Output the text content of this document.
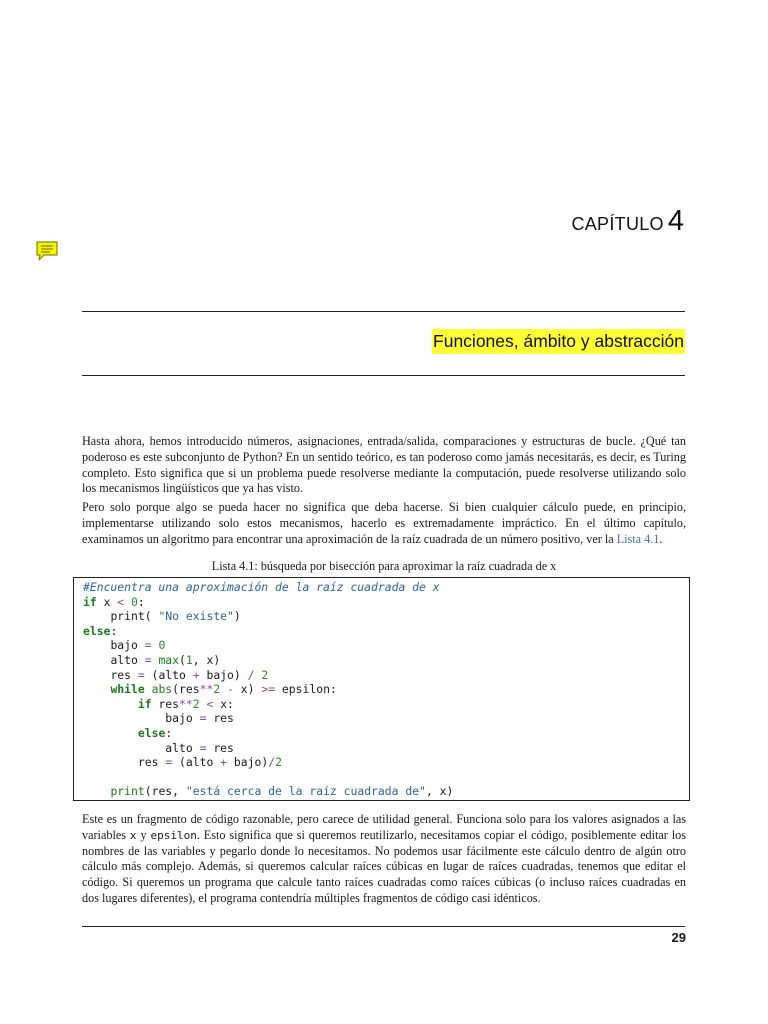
CAPÍTULO 4
Funciones, ámbito y abstracción

Hasta ahora, hemos introducido números, asignaciones, entrada/salida, comparaciones y estructuras de bucle. ¿Qué tan poderoso es este subconjunto de Python? En un sentido teórico, es tan poderoso como jamás necesitarás, es decir, es Turing completo. Esto significa que si un problema puede resolverse mediante la computación, puede resolverse utilizando solo los mecanismos lingüísticos que ya has visto.

Pero solo porque algo se pueda hacer no significa que deba hacerse. Si bien cualquier cálculo puede, en principio, implementarse utilizando solo estos mecanismos, hacerlo es extremadamente impráctico. En el último capítulo, examinamos un algoritmo para encontrar una aproximación de la raíz cuadrada de un número positivo, ver la Lista 4.1.

Lista 4.1: búsqueda por bisección para aproximar la raíz cuadrada de x
#Encuentra una aproximación de la raíz cuadrada de x
if x < 0:
print( "No existe")
else:
bajo = 0
alto = max(1, x)
res = (alto + bajo) / 2
while abs(res**2 - x) >= epsilon:
if res**2 < x:
bajo = res
else:
alto = res
res = (alto + bajo)/2

print(res, "está cerca de la raíz cuadrada de", x)

Este es un fragmento de código razonable, pero carece de utilidad general. Funciona solo para los valores asignados a las variables x y epsilon. Esto significa que si queremos reutilizarlo, necesitamos copiar el código, posiblemente editar los nombres de las variables y pegarlo donde lo necesitamos. No podemos usar fácilmente este cálculo dentro de algún otro cálculo más complejo. Además, si queremos calcular raíces cúbicas en lugar de raíces cuadradas, tenemos que editar el código. Si queremos un programa que calcule tanto raíces cuadradas como raíces cúbicas (o incluso raíces cuadradas en dos lugares diferentes), el programa contendría múltiples fragmentos de código casi idénticos.

29
